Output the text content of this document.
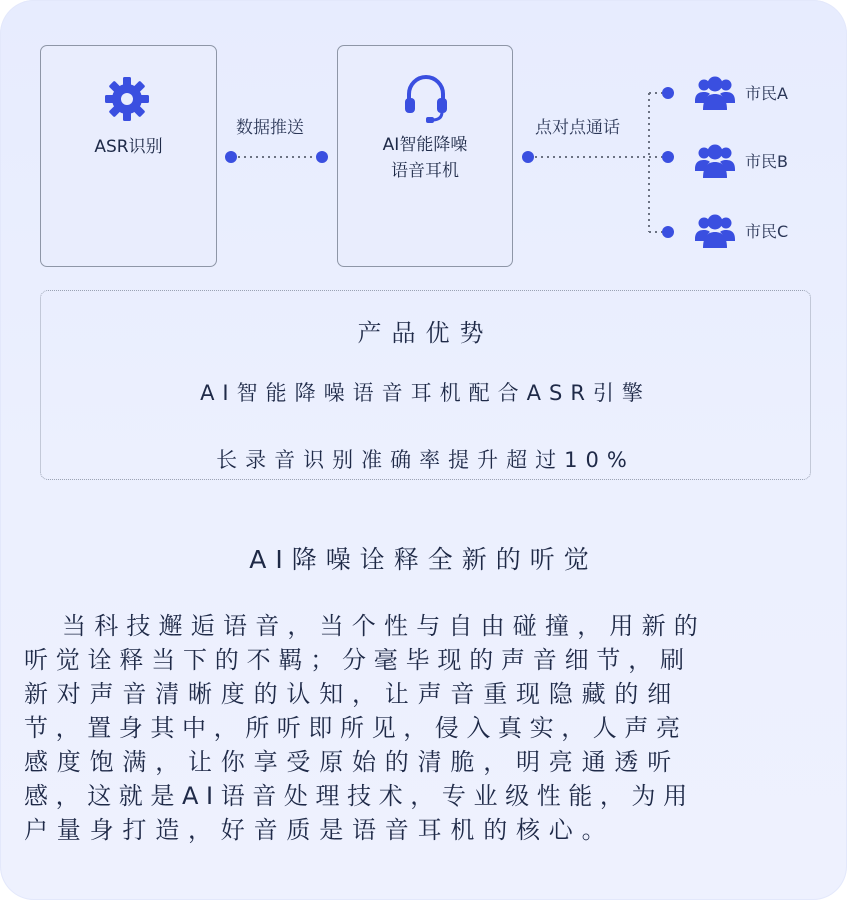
ASR识别	AI智能降噪
语音耳机
数据推送	点对点通话
市民A
市民B
市民C
产品优势
AI智能降噪语音耳机配合ASR引擎
长录音识别准确率提升超过10%
AI降噪诠释全新的听觉
当科技邂逅语音，当个性与自由碰撞，用新的
听觉诠释当下的不羁；分毫毕现的声音细节，刷
新对声音清晰度的认知，让声音重现隐藏的细
节，置身其中，所听即所见，侵入真实，人声亮
感度饱满，让你享受原始的清脆，明亮通透听
感，这就是AI语音处理技术，专业级性能，为用
户量身打造，好音质是语音耳机的核心。
